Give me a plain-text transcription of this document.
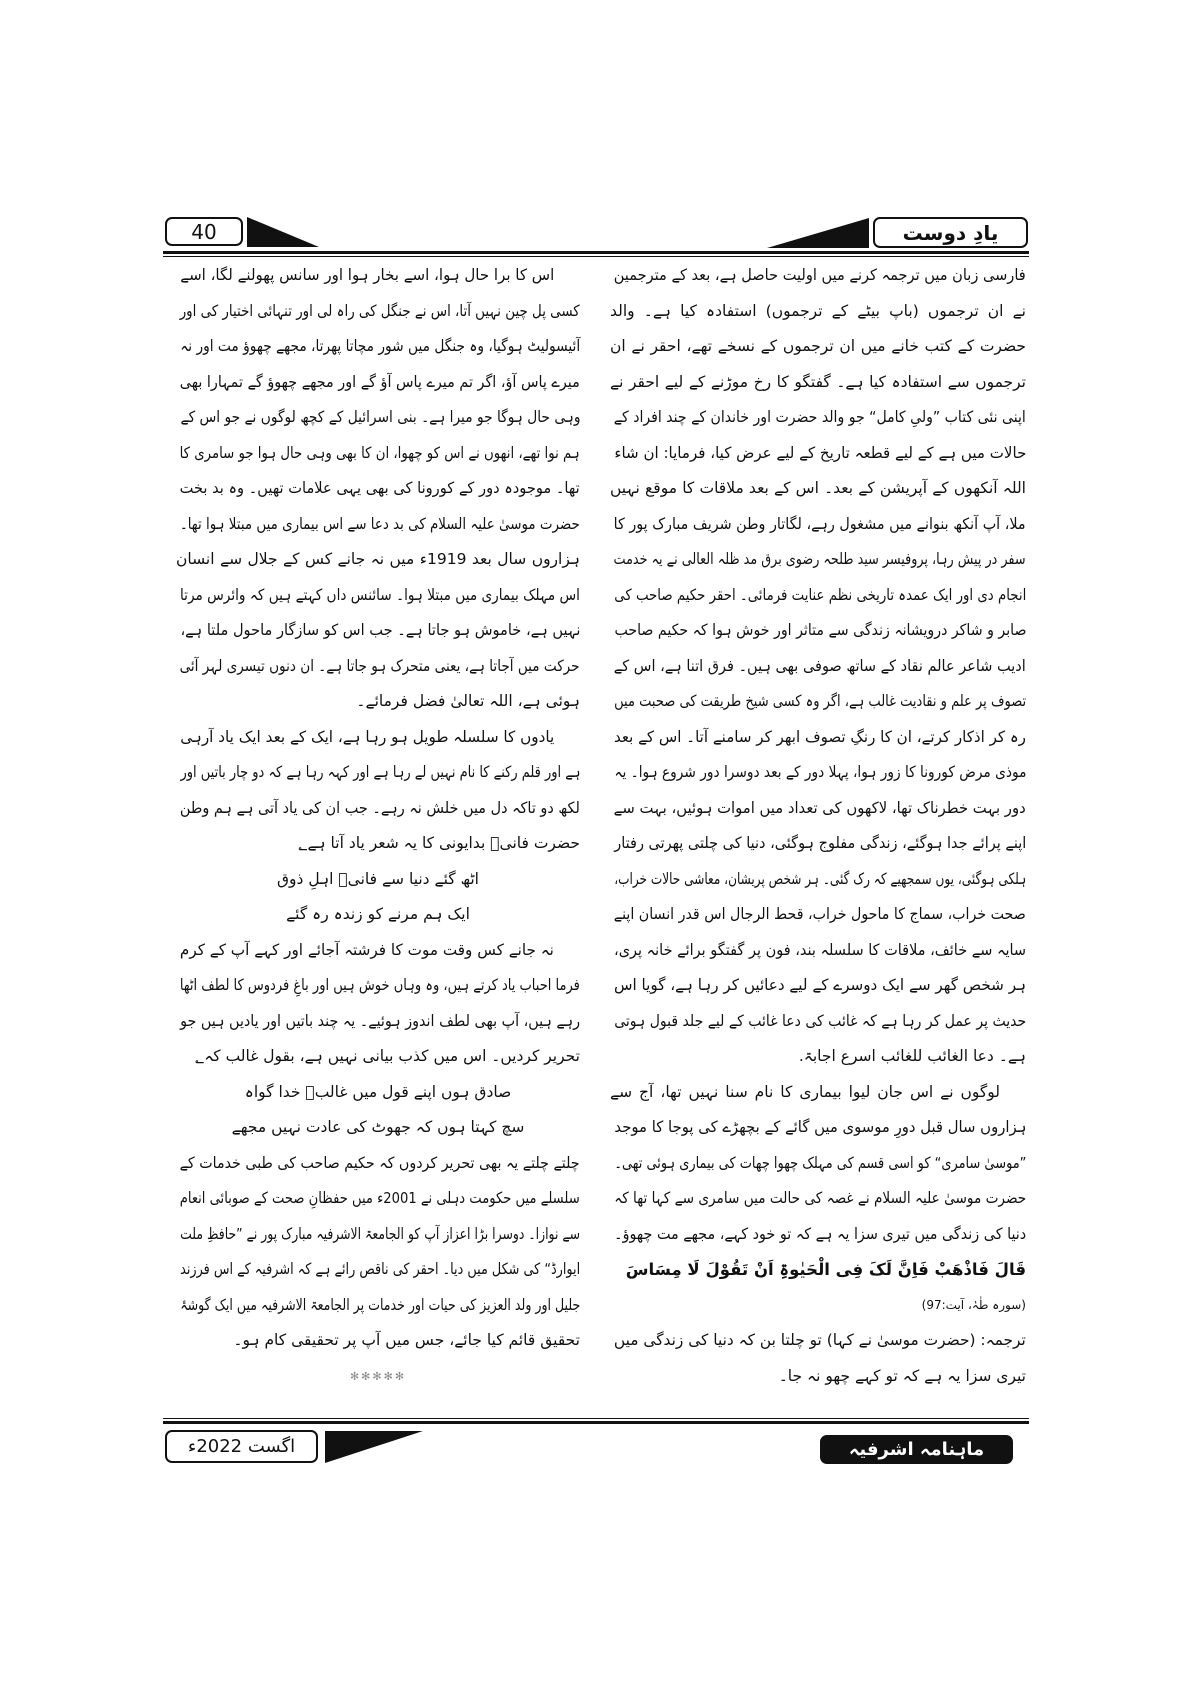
40	یادِ دوست
فارسی زبان میں ترجمہ کرنے میں اولیت حاصل ہے، بعد کے مترجمین
نے ان ترجموں (باپ بیٹے کے ترجموں) استفادہ کیا ہے۔ والد
حضرت کے کتب خانے میں ان ترجموں کے نسخے تھے، احقر نے ان
ترجموں سے استفادہ کیا ہے۔ گفتگو کا رخ موڑنے کے لیے احقر نے
اپنی نئی کتاب ”ولیِ کامل“ جو والد حضرت اور خاندان کے چند افراد کے
حالات میں ہے کے لیے قطعہ تاریخ کے لیے عرض کیا، فرمایا: ان شاء
اللہ آنکھوں کے آپریشن کے بعد۔ اس کے بعد ملاقات کا موقع نہیں
ملا، آپ آنکھ بنوانے میں مشغول رہے، لگاتار وطن شریف مبارک پور کا
سفر در پیش رہا، پروفیسر سید طلحہ رضوی برق مد ظلہ العالی نے یہ خدمت
انجام دی اور ایک عمدہ تاریخی نظم عنایت فرمائی۔ احقر حکیم صاحب کی
صابر و شاکر درویشانہ زندگی سے متاثر اور خوش ہوا کہ حکیم صاحب
ادیب شاعر عالم نقاد کے ساتھ صوفی بھی ہیں۔ فرق اتنا ہے، اس کے
تصوف پر علم و نقادیت غالب ہے، اگر وہ کسی شیخ طریقت کی صحبت میں
رہ کر اذکار کرتے، ان کا رنگِ تصوف ابھر کر سامنے آتا۔ اس کے بعد
موذی مرض کورونا کا زور ہوا، پہلا دور کے بعد دوسرا دور شروع ہوا۔ یہ
دور بہت خطرناک تھا، لاکھوں کی تعداد میں اموات ہوئیں، بہت سے
اپنے پرائے جدا ہوگئے، زندگی مفلوج ہوگئی، دنیا کی چلتی پھرتی رفتار
ہلکی ہوگئی، یوں سمجھیے کہ رک گئی۔ ہر شخص پریشان، معاشی حالات خراب،
صحت خراب، سماج کا ماحول خراب، قحط الرجال اس قدر انسان اپنے
سایہ سے خائف، ملاقات کا سلسلہ بند، فون پر گفتگو برائے خانہ پری،
ہر شخص گھر سے ایک دوسرے کے لیے دعائیں کر رہا ہے، گویا اس
حدیث پر عمل کر رہا ہے کہ غائب کی دعا غائب کے لیے جلد قبول ہوتی
ہے۔ دعا الغائب للغائب اسرع اجابۃ.
لوگوں نے اس جان لیوا بیماری کا نام سنا نہیں تھا، آج سے
ہزاروں سال قبل دورِ موسوی میں گائے کے بچھڑے کی پوجا کا موجد
”موسیٰ سامری“ کو اسی قسم کی مہلک چھوا چھات کی بیماری ہوئی تھی۔
حضرت موسیٰ علیہ السلام نے غصہ کی حالت میں سامری سے کہا تھا کہ
دنیا کی زندگی میں تیری سزا یہ ہے کہ تو خود کہے، مجھے مت چھوؤ۔
قَالَ فَاذْهَبْ فَاِنَّ لَکَ فِی الْحَیٰوۃِ اَنْ تَقُوْلَ لَا مِسَاسَ
(سورہ طٰہٰ، آیت:97)
ترجمہ: (حضرت موسیٰ نے کہا) تو چلتا بن کہ دنیا کی زندگی میں
تیری سزا یہ ہے کہ تو کہے چھو نہ جا۔
اس کا برا حال ہوا، اسے بخار ہوا اور سانس پھولنے لگا، اسے
کسی پل چین نہیں آتا، اس نے جنگل کی راہ لی اور تنہائی اختیار کی اور
آئیسولیٹ ہوگیا، وہ جنگل میں شور مچاتا پھرتا، مجھے چھوؤ مت اور نہ
میرے پاس آؤ، اگر تم میرے پاس آؤ گے اور مجھے چھوؤ گے تمہارا بھی
وہی حال ہوگا جو میرا ہے۔ بنی اسرائیل کے کچھ لوگوں نے جو اس کے
ہم نوا تھے، انھوں نے اس کو چھوا، ان کا بھی وہی حال ہوا جو سامری کا
تھا۔ موجودہ دور کے کورونا کی بھی یہی علامات تھیں۔ وہ بد بخت
حضرت موسیٰ علیہ السلام کی بد دعا سے اس بیماری میں مبتلا ہوا تھا۔
ہزاروں سال بعد 1919ء میں نہ جانے کس کے جلال سے انسان
اس مہلک بیماری میں مبتلا ہوا۔ سائنس داں کہتے ہیں کہ وائرس مرتا
نہیں ہے، خاموش ہو جاتا ہے۔ جب اس کو سازگار ماحول ملتا ہے،
حرکت میں آجاتا ہے، یعنی متحرک ہو جاتا ہے۔ ان دنوں تیسری لہر آئی
ہوئی ہے، اللہ تعالیٰ فضل فرمائے۔
یادوں کا سلسلہ طویل ہو رہا ہے، ایک کے بعد ایک یاد آرہی
ہے اور قلم رکنے کا نام نہیں لے رہا ہے اور کہہ رہا ہے کہ دو چار باتیں اور
لکھ دو تاکہ دل میں خلش نہ رہے۔ جب ان کی یاد آتی ہے ہم وطن
حضرت فانیؔ بدایونی کا یہ شعر یاد آتا ہے؂
اٹھ گئے دنیا سے فانیؔ اہلِ ذوق
ایک ہم مرنے کو زندہ رہ گئے
نہ جانے کس وقت موت کا فرشتہ آجائے اور کہے آپ کے کرم
فرما احباب یاد کرتے ہیں، وہ وہاں خوش ہیں اور باغِ فردوس کا لطف اٹھا
رہے ہیں، آپ بھی لطف اندوز ہوئیے۔ یہ چند باتیں اور یادیں ہیں جو
تحریر کردیں۔ اس میں کذب بیانی نہیں ہے، بقول غالب کہ؂
صادق ہوں اپنے قول میں غالبؔ خدا گواہ
سچ کہتا ہوں کہ جھوٹ کی عادت نہیں مجھے
چلتے چلتے یہ بھی تحریر کردوں کہ حکیم صاحب کی طبی خدمات کے
سلسلے میں حکومت دہلی نے 2001ء میں حفظانِ صحت کے صوبائی انعام
سے نوازا۔ دوسرا بڑا اعزاز آپ کو الجامعۃ الاشرفیہ مبارک پور نے ”حافظِ ملت
ایوارڈ“ کی شکل میں دیا۔ احقر کی ناقص رائے ہے کہ اشرفیہ کے اس فرزند
جلیل اور ولد العزیز کی حیات اور خدمات پر الجامعۃ الاشرفیہ میں ایک گوشۂ
تحقیق قائم کیا جائے، جس میں آپ پر تحقیقی کام ہو۔
✻✻✻✻✻
اگست 2022ء	ماہنامہ اشرفیہ
